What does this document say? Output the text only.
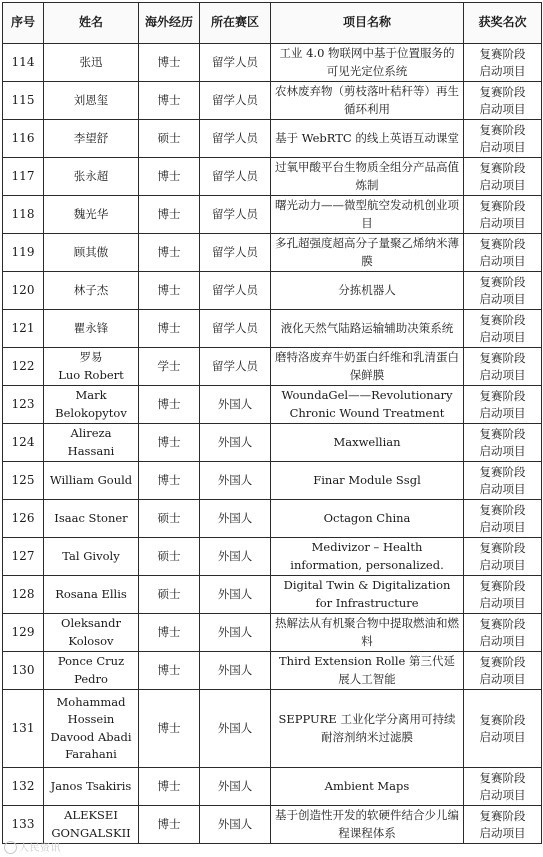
序号	姓名	海外经历	所在赛区	项目名称	获奖名次
114	张迅	博士	留学人员	工业 4.0 物联网中基于位置服务的可见光定位系统	复赛阶段
启动项目

115	刘恩玺	博士	留学人员	农林废弃物（剪枝落叶秸秆等）再生循环利用	复赛阶段
启动项目

116	李望舒	硕士	留学人员	基于 WebRTC 的线上英语互动课堂	复赛阶段
启动项目

117	张永超	博士	留学人员	过氧甲酸平台生物质全组分产品高值炼制	复赛阶段
启动项目

118	魏光华	博士	留学人员	曙光动力——微型航空发动机创业项目	复赛阶段
启动项目

119	顾其傲	博士	留学人员	多孔超强度超高分子量聚乙烯纳米薄膜	复赛阶段
启动项目

120	林子杰	博士	留学人员	分拣机器人	复赛阶段
启动项目

121	瞿永锋	博士	留学人员	液化天然气陆路运输辅助决策系统	复赛阶段
启动项目

122	罗易
Luo Robert	学士	留学人员	磨特洛废弃牛奶蛋白纤维和乳清蛋白保鲜膜	复赛阶段
启动项目

123	Mark
Belokopytov	博士	外国人	WoundaGel——Revolutionary Chronic Wound Treatment	复赛阶段
启动项目

124	Alireza
Hassani	博士	外国人	Maxwellian	复赛阶段
启动项目

125	William Gould	博士	外国人	Finar Module Ssgl	复赛阶段
启动项目

126	Isaac Stoner	硕士	外国人	Octagon China	复赛阶段
启动项目

127	Tal Givoly	硕士	外国人	Medivizor – Health information, personalized.	复赛阶段
启动项目

128	Rosana Ellis	硕士	外国人	Digital Twin & Digitalization for Infrastructure	复赛阶段
启动项目

129	Oleksandr
Kolosov	博士	外国人	热解法从有机聚合物中提取燃油和燃料	复赛阶段
启动项目

130	Ponce Cruz
Pedro	博士	外国人	Third Extension Rolle 第三代延展人工智能	复赛阶段
启动项目

131	Mohammad
Hossein
Davood Abadi
Farahani	博士	外国人	SEPPURE 工业化学分离用可持续耐溶剂纳米过滤膜	复赛阶段
启动项目

132	Janos Tsakiris	博士	外国人	Ambient Maps	复赛阶段
启动项目

133	ALEKSEI
GONGALSKII	博士	外国人	基于创造性开发的软硬件结合少儿编程课程体系	复赛阶段
启动项目
人民资讯
